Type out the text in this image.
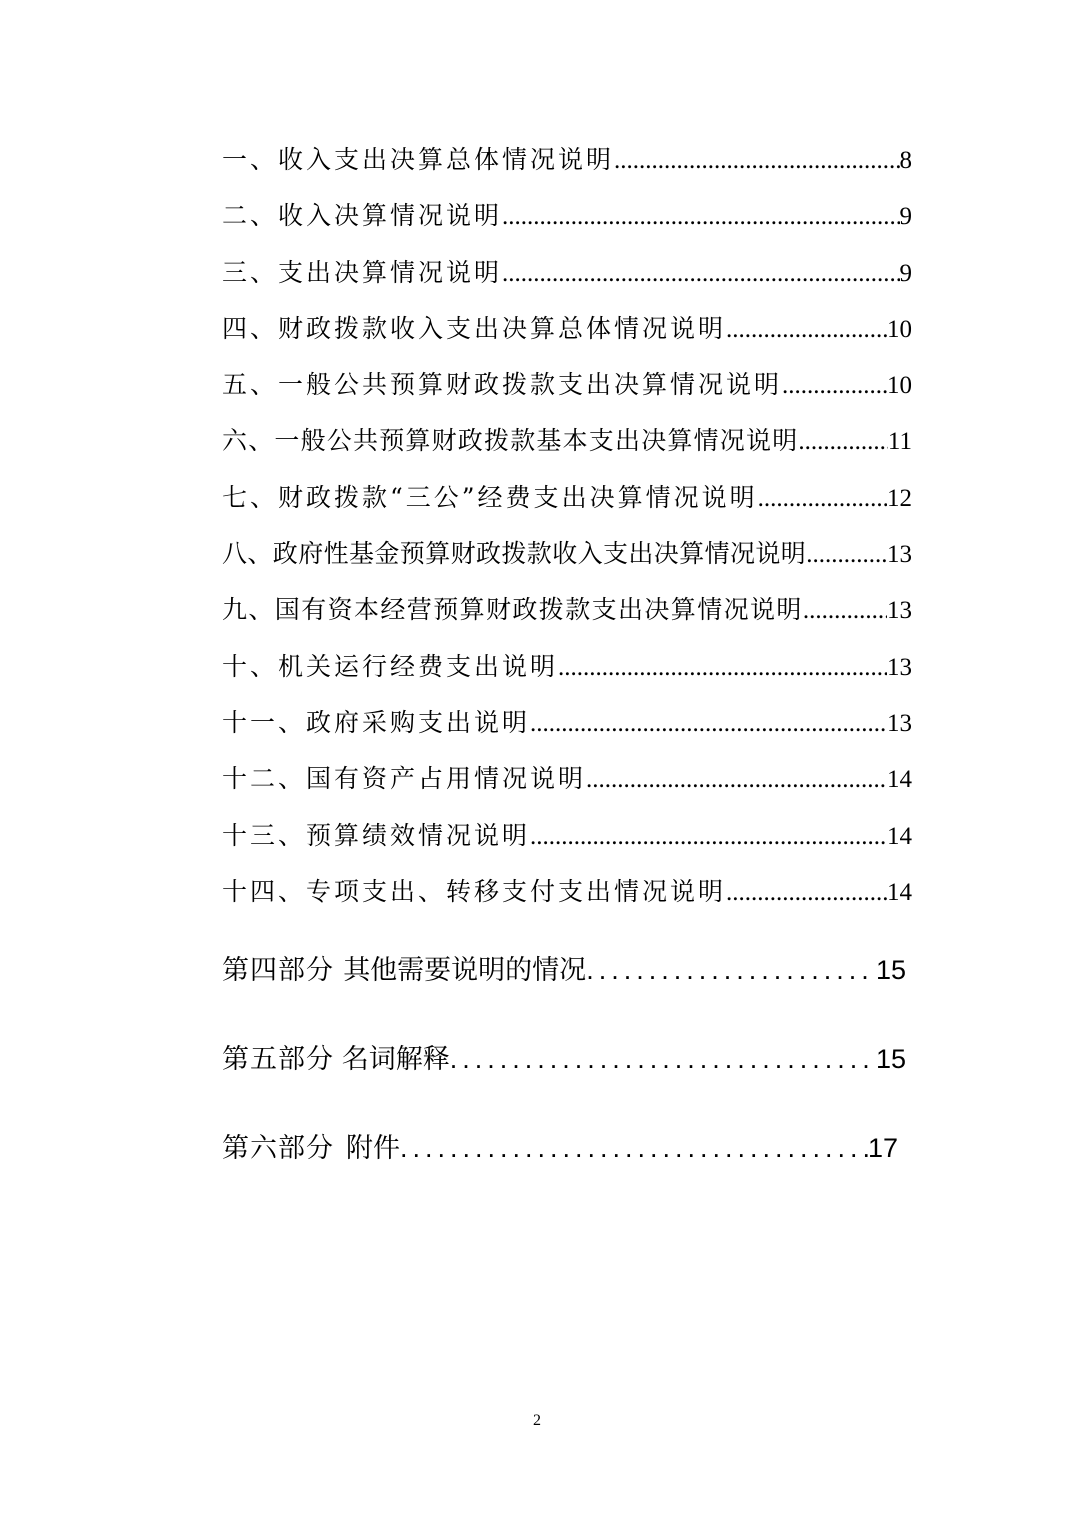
一、收入支出决算总体情况说明 .....	8
二、收入决算情况说明 .....	9
三、支出决算情况说明 .....	9
四、财政拨款收入支出决算总体情况说明 .....	10
五、一般公共预算财政拨款支出决算情况说明 .....	10
六、一般公共预算财政拨款基本支出决算情况说明 .....	11
七、财政拨款“三公”经费支出决算情况说明 .....	12
八、政府性基金预算财政拨款收入支出决算情况说明 .....	13
九、国有资本经营预算财政拨款支出决算情况说明 .....	13
十、机关运行经费支出说明 .....	13
十一、政府采购支出说明 .....	13
十二、国有资产占用情况说明 .....	14
十三、预算绩效情况说明 .....	14
十四、专项支出、转移支付支出情况说明 .....	14
第四部分 其他需要说明的情况 .....	15
第五部分 名词解释 .....	15
第六部分 附件 .....	17
2
